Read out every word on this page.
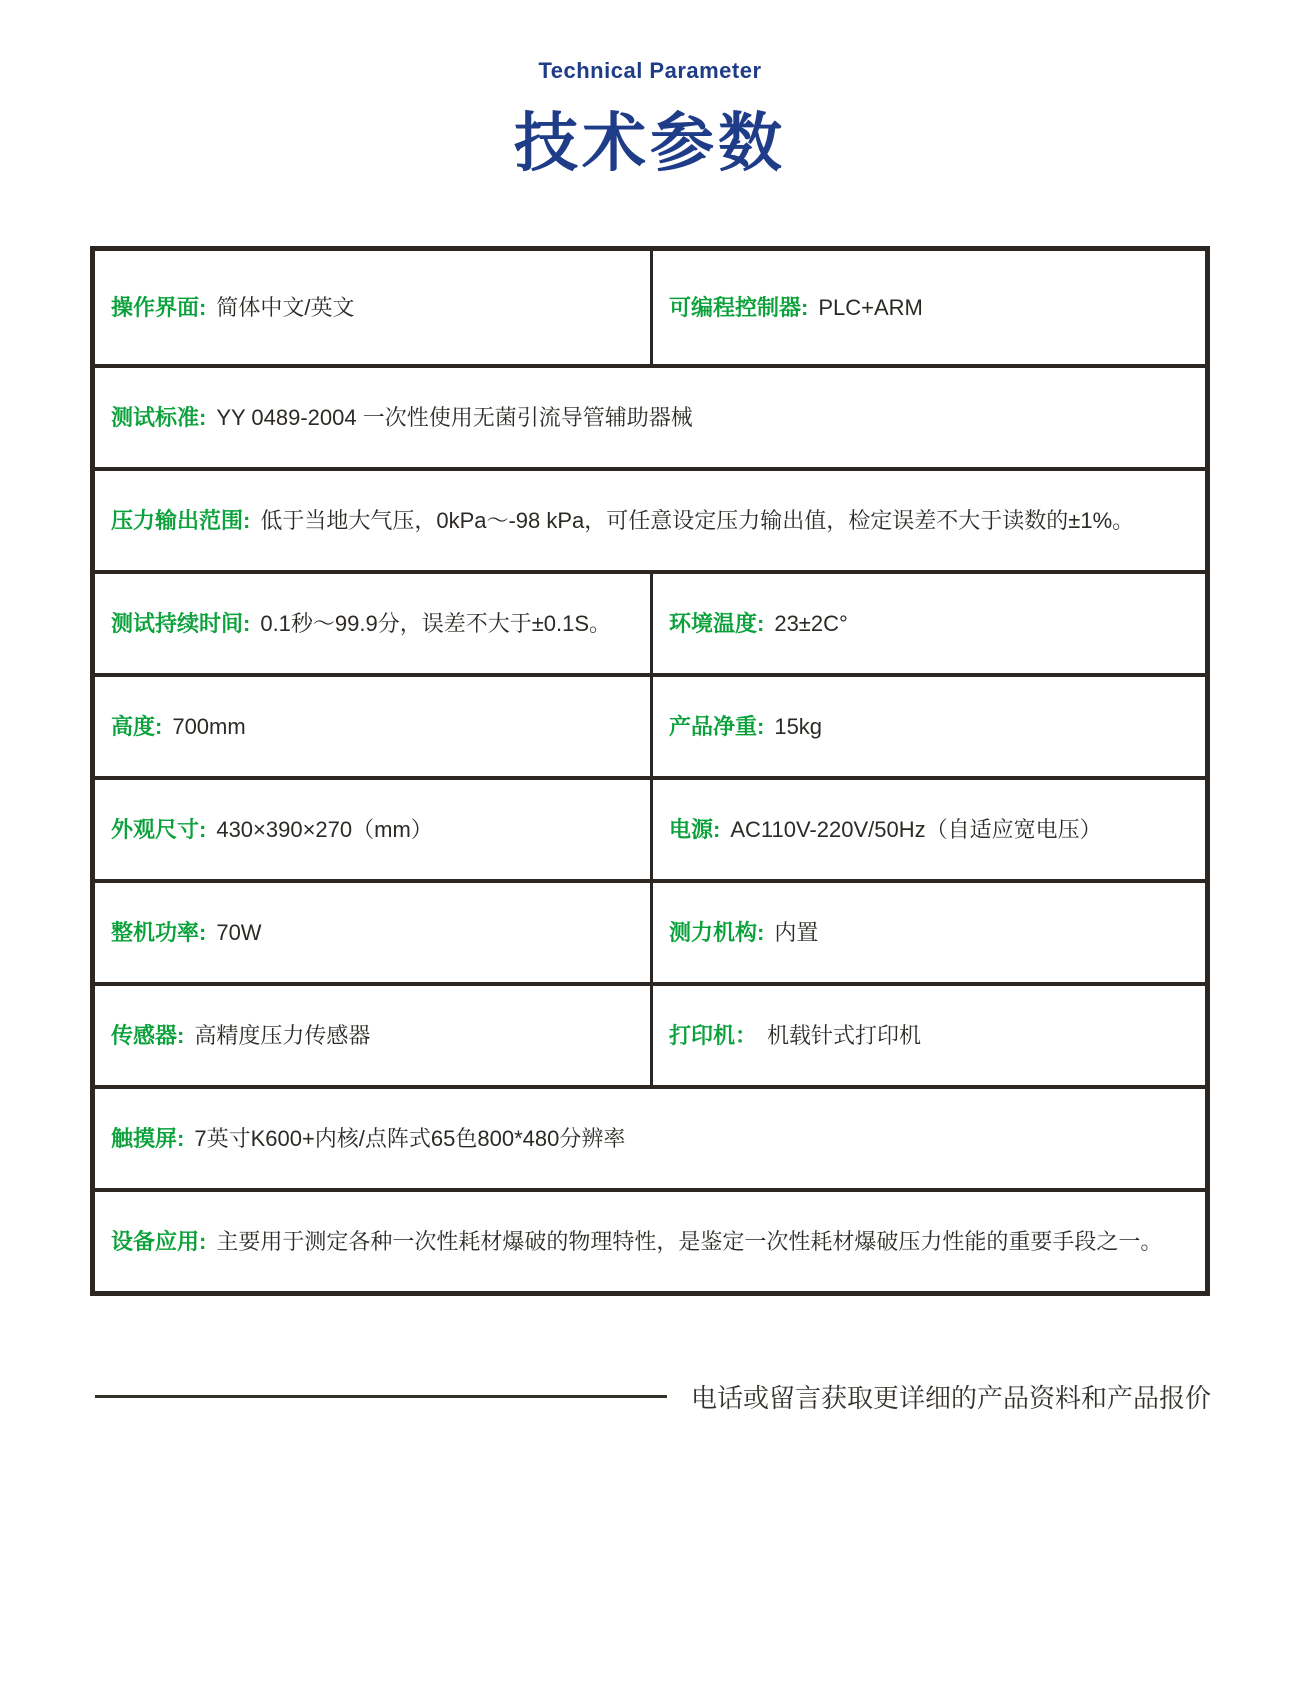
Technical Parameter
技术参数
操作界面: 简体中文/英文	可编程控制器: PLC+ARM
测试标准: YY 0489-2004 一次性使用无菌引流导管辅助器械
压力输出范围: 低于当地大气压，0kPa～-98 kPa，可任意设定压力输出值，检定误差不大于读数的±1%。
测试持续时间: 0.1秒～99.9分，误差不大于±0.1S。	环境温度: 23±2C°
高度: 700mm	产品净重: 15kg
外观尺寸: 430×390×270（mm）	电源: AC110V-220V/50Hz（自适应宽电压）
整机功率: 70W	测力机构: 内置
传感器: 高精度压力传感器	打印机： 机载针式打印机
触摸屏: 7英寸K600+内核/点阵式65色800*480分辨率
设备应用: 主要用于测定各种一次性耗材爆破的物理特性，是鉴定一次性耗材爆破压力性能的重要手段之一。
电话或留言获取更详细的产品资料和产品报价
